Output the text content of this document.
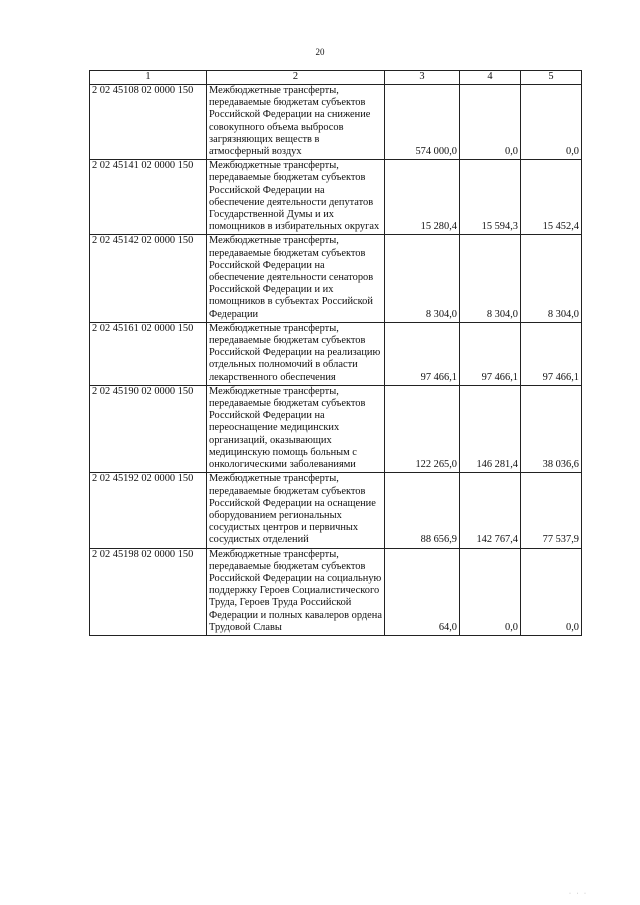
20
1	2	3	4	5
2 02 45108 02 0000 150	Межбюджетные трансферты, передаваемые бюджетам субъектов Российской Федерации на снижение совокупного объема выбросов загрязняющих веществ в атмосферный воздух	574 000,0	0,0	0,0
2 02 45141 02 0000 150	Межбюджетные трансферты, передаваемые бюджетам субъектов Российской Федерации на обеспечение деятельности депутатов Государственной Думы и их помощников в избирательных округах	15 280,4	15 594,3	15 452,4
2 02 45142 02 0000 150	Межбюджетные трансферты, передаваемые бюджетам субъектов Российской Федерации на обеспечение деятельности сенаторов Российской Федерации и их помощников в субъектах Российской Федерации	8 304,0	8 304,0	8 304,0
2 02 45161 02 0000 150	Межбюджетные трансферты, передаваемые бюджетам субъектов Российской Федерации на реализацию отдельных полномочий в области лекарственного обеспечения	97 466,1	97 466,1	97 466,1
2 02 45190 02 0000 150	Межбюджетные трансферты, передаваемые бюджетам субъектов Российской Федерации на переоснащение медицинских организаций, оказывающих медицинскую помощь больным с онкологическими заболеваниями	122 265,0	146 281,4	38 036,6
2 02 45192 02 0000 150	Межбюджетные трансферты, передаваемые бюджетам субъектов Российской Федерации на оснащение оборудованием региональных сосудистых центров и первичных сосудистых отделений	88 656,9	142 767,4	77 537,9
2 02 45198 02 0000 150	Межбюджетные трансферты, передаваемые бюджетам субъектов Российской Федерации на социальную поддержку Героев Социалистического Труда, Героев Труда Российской Федерации и полных кавалеров ордена Трудовой Славы	64,0	0,0	0,0
· · ·
